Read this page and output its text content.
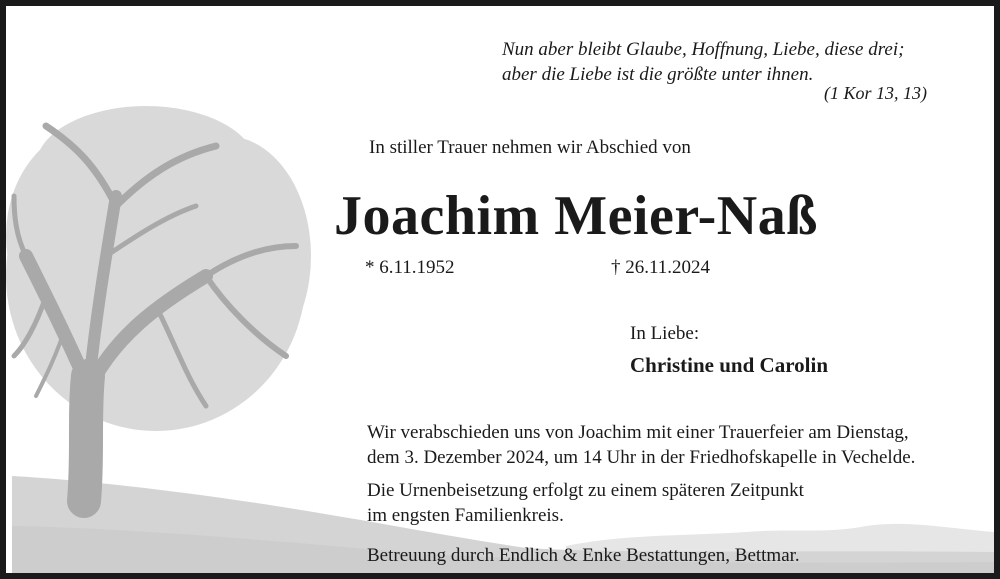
Nun aber bleibt Glaube, Hoffnung, Liebe, diese drei;
aber die Liebe ist die größte unter ihnen.
(1 Kor 13, 13)
In stiller Trauer nehmen wir Abschied von
Joachim Meier-Naß
* 6.11.1952	† 26.11.2024
In Liebe:
Christine und Carolin
Wir verabschieden uns von Joachim mit einer Trauerfeier am Dienstag,
dem 3. Dezember 2024, um 14 Uhr in der Friedhofskapelle in Vechelde.
Die Urnenbeisetzung erfolgt zu einem späteren Zeitpunkt
im engsten Familienkreis.
Betreuung durch Endlich & Enke Bestattungen, Bettmar.
